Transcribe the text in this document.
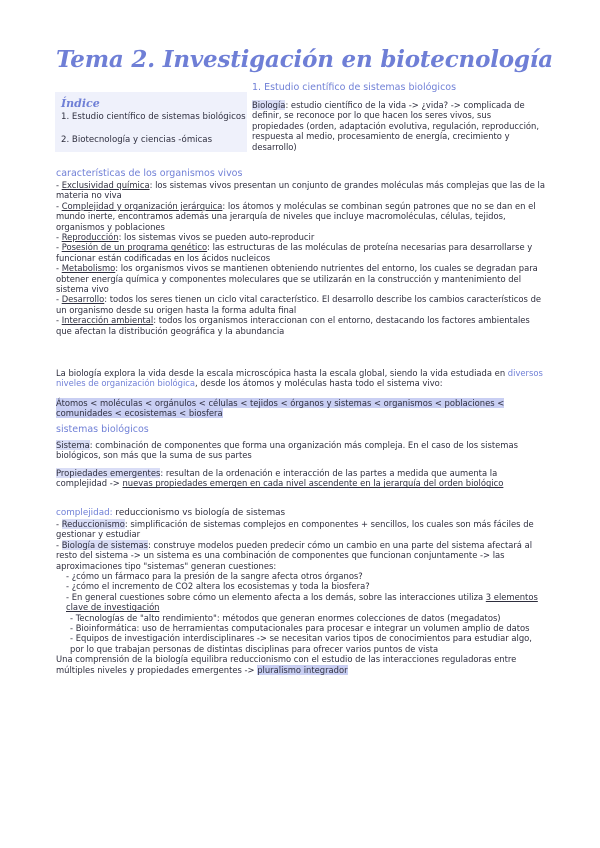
Tema 2. Investigación en biotecnología
Índice
1. Estudio científico de sistemas biológicos
2. Biotecnología y ciencias -ómicas
1. Estudio científico de sistemas biológicos

Biología: estudio científico de la vida -> ¿vida? -> complicada de definir, se reconoce por lo que hacen los seres vivos, sus propiedades (orden, adaptación evolutiva, regulación, reproducción, respuesta al medio, procesamiento de energía, crecimiento y desarrollo)

características de los organismos vivos

- Exclusividad química: los sistemas vivos presentan un conjunto de grandes moléculas más complejas que las de la materia no viva

- Complejidad y organización jerárquica: los átomos y moléculas se combinan según patrones que no se dan en el mundo inerte, encontramos además una jerarquía de niveles que incluye macromoléculas, células, tejidos, organismos y poblaciones

- Reproducción: los sistemas vivos se pueden auto-reproducir

- Posesión de un programa genético: las estructuras de las moléculas de proteína necesarias para desarrollarse y funcionar están codificadas en los ácidos nucleicos

- Metabolismo: los organismos vivos se mantienen obteniendo nutrientes del entorno, los cuales se degradan para obtener energía química y componentes moleculares que se utilizarán en la construcción y mantenimiento del sistema vivo

- Desarrollo: todos los seres tienen un ciclo vital característico. El desarrollo describe los cambios característicos de un organismo desde su origen hasta la forma adulta final

- Interacción ambiental: todos los organismos interaccionan con el entorno, destacando los factores ambientales que afectan la distribución geográfica y la abundancia

La biología explora la vida desde la escala microscópica hasta la escala global, siendo la vida estudiada en diversos niveles de organización biológica, desde los átomos y moléculas hasta todo el sistema vivo:

Átomos < moléculas < orgánulos < células < tejidos < órganos y sistemas < organismos < poblaciones < comunidades < ecosistemas < biosfera

sistemas biológicos

Sistema: combinación de componentes que forma una organización más compleja. En el caso de los sistemas biológicos, son más que la suma de sus partes

Propiedades emergentes: resultan de la ordenación e interacción de las partes a medida que aumenta la complejidad -> nuevas propiedades emergen en cada nivel ascendente en la jerarquía del orden biológico

complejidad: reduccionismo vs biología de sistemas

- Reduccionismo: simplificación de sistemas complejos en componentes + sencillos, los cuales son más fáciles de gestionar y estudiar

- Biología de sistemas: construye modelos pueden predecir cómo un cambio en una parte del sistema afectará al resto del sistema -> un sistema es una combinación de componentes que funcionan conjuntamente -> las aproximaciones tipo "sistemas" generan cuestiones:

- ¿cómo un fármaco para la presión de la sangre afecta otros órganos?

- ¿cómo el incremento de CO2 altera los ecosistemas y toda la biosfera?

- En general cuestiones sobre cómo un elemento afecta a los demás, sobre las interacciones utiliza 3 elementos clave de investigación

- Tecnologías de "alto rendimiento": métodos que generan enormes colecciones de datos (megadatos)

- Bioinformática: uso de herramientas computacionales para procesar e integrar un volumen amplio de datos

- Equipos de investigación interdisciplinares -> se necesitan varios tipos de conocimientos para estudiar algo, por lo que trabajan personas de distintas disciplinas para ofrecer varios puntos de vista

Una comprensión de la biología equilibra reduccionismo con el estudio de las interacciones reguladoras entre múltiples niveles y propiedades emergentes -> pluralismo integrador
